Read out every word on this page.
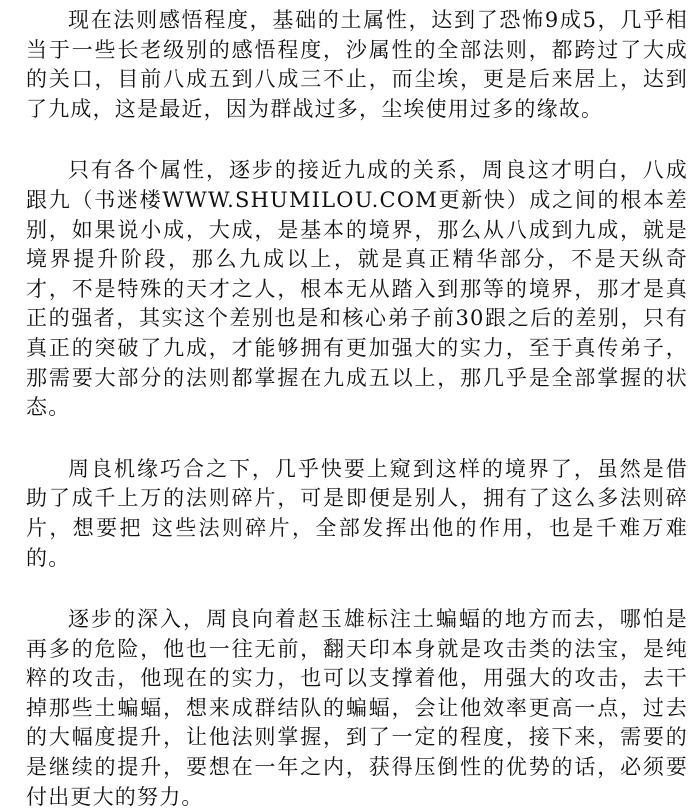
现在法则感悟程度，基础的土属性，达到了恐怖9成5，几乎相当于一些长老级别的感悟程度，沙属性的全部法则，都跨过了大成的关口，目前八成五到八成三不止，而尘埃，更是后来居上，达到了九成，这是最近，因为群战过多，尘埃使用过多的缘故。

只有各个属性，逐步的接近九成的关系，周良这才明白，八成跟九（书迷楼WWW.SHUMILOU.COM更新快）成之间的根本差别，如果说小成，大成，是基本的境界，那么从八成到九成，就是境界提升阶段，那么九成以上，就是真正精华部分，不是天纵奇才，不是特殊的天才之人，根本无从踏入到那等的境界，那才是真正的强者，其实这个差别也是和核心弟子前30跟之后的差别，只有真正的突破了九成，才能够拥有更加强大的实力，至于真传弟子，那需要大部分的法则都掌握在九成五以上，那几乎是全部掌握的状态。

周良机缘巧合之下，几乎快要上窥到这样的境界了，虽然是借助了成千上万的法则碎片，可是即便是别人，拥有了这么多法则碎片，想要把 这些法则碎片，全部发挥出他的作用，也是千难万难的。

逐步的深入，周良向着赵玉雄标注土蝙蝠的地方而去，哪怕是再多的危险，他也一往无前，翻天印本身就是攻击类的法宝，是纯粹的攻击，他现在的实力，也可以支撑着他，用强大的攻击，去干掉那些土蝙蝠，想来成群结队的蝙蝠，会让他效率更高一点，过去的大幅度提升，让他法则掌握，到了一定的程度，接下来，需要的是继续的提升，要想在一年之内，获得压倒性的优势的话，必须要付出更大的努力。
